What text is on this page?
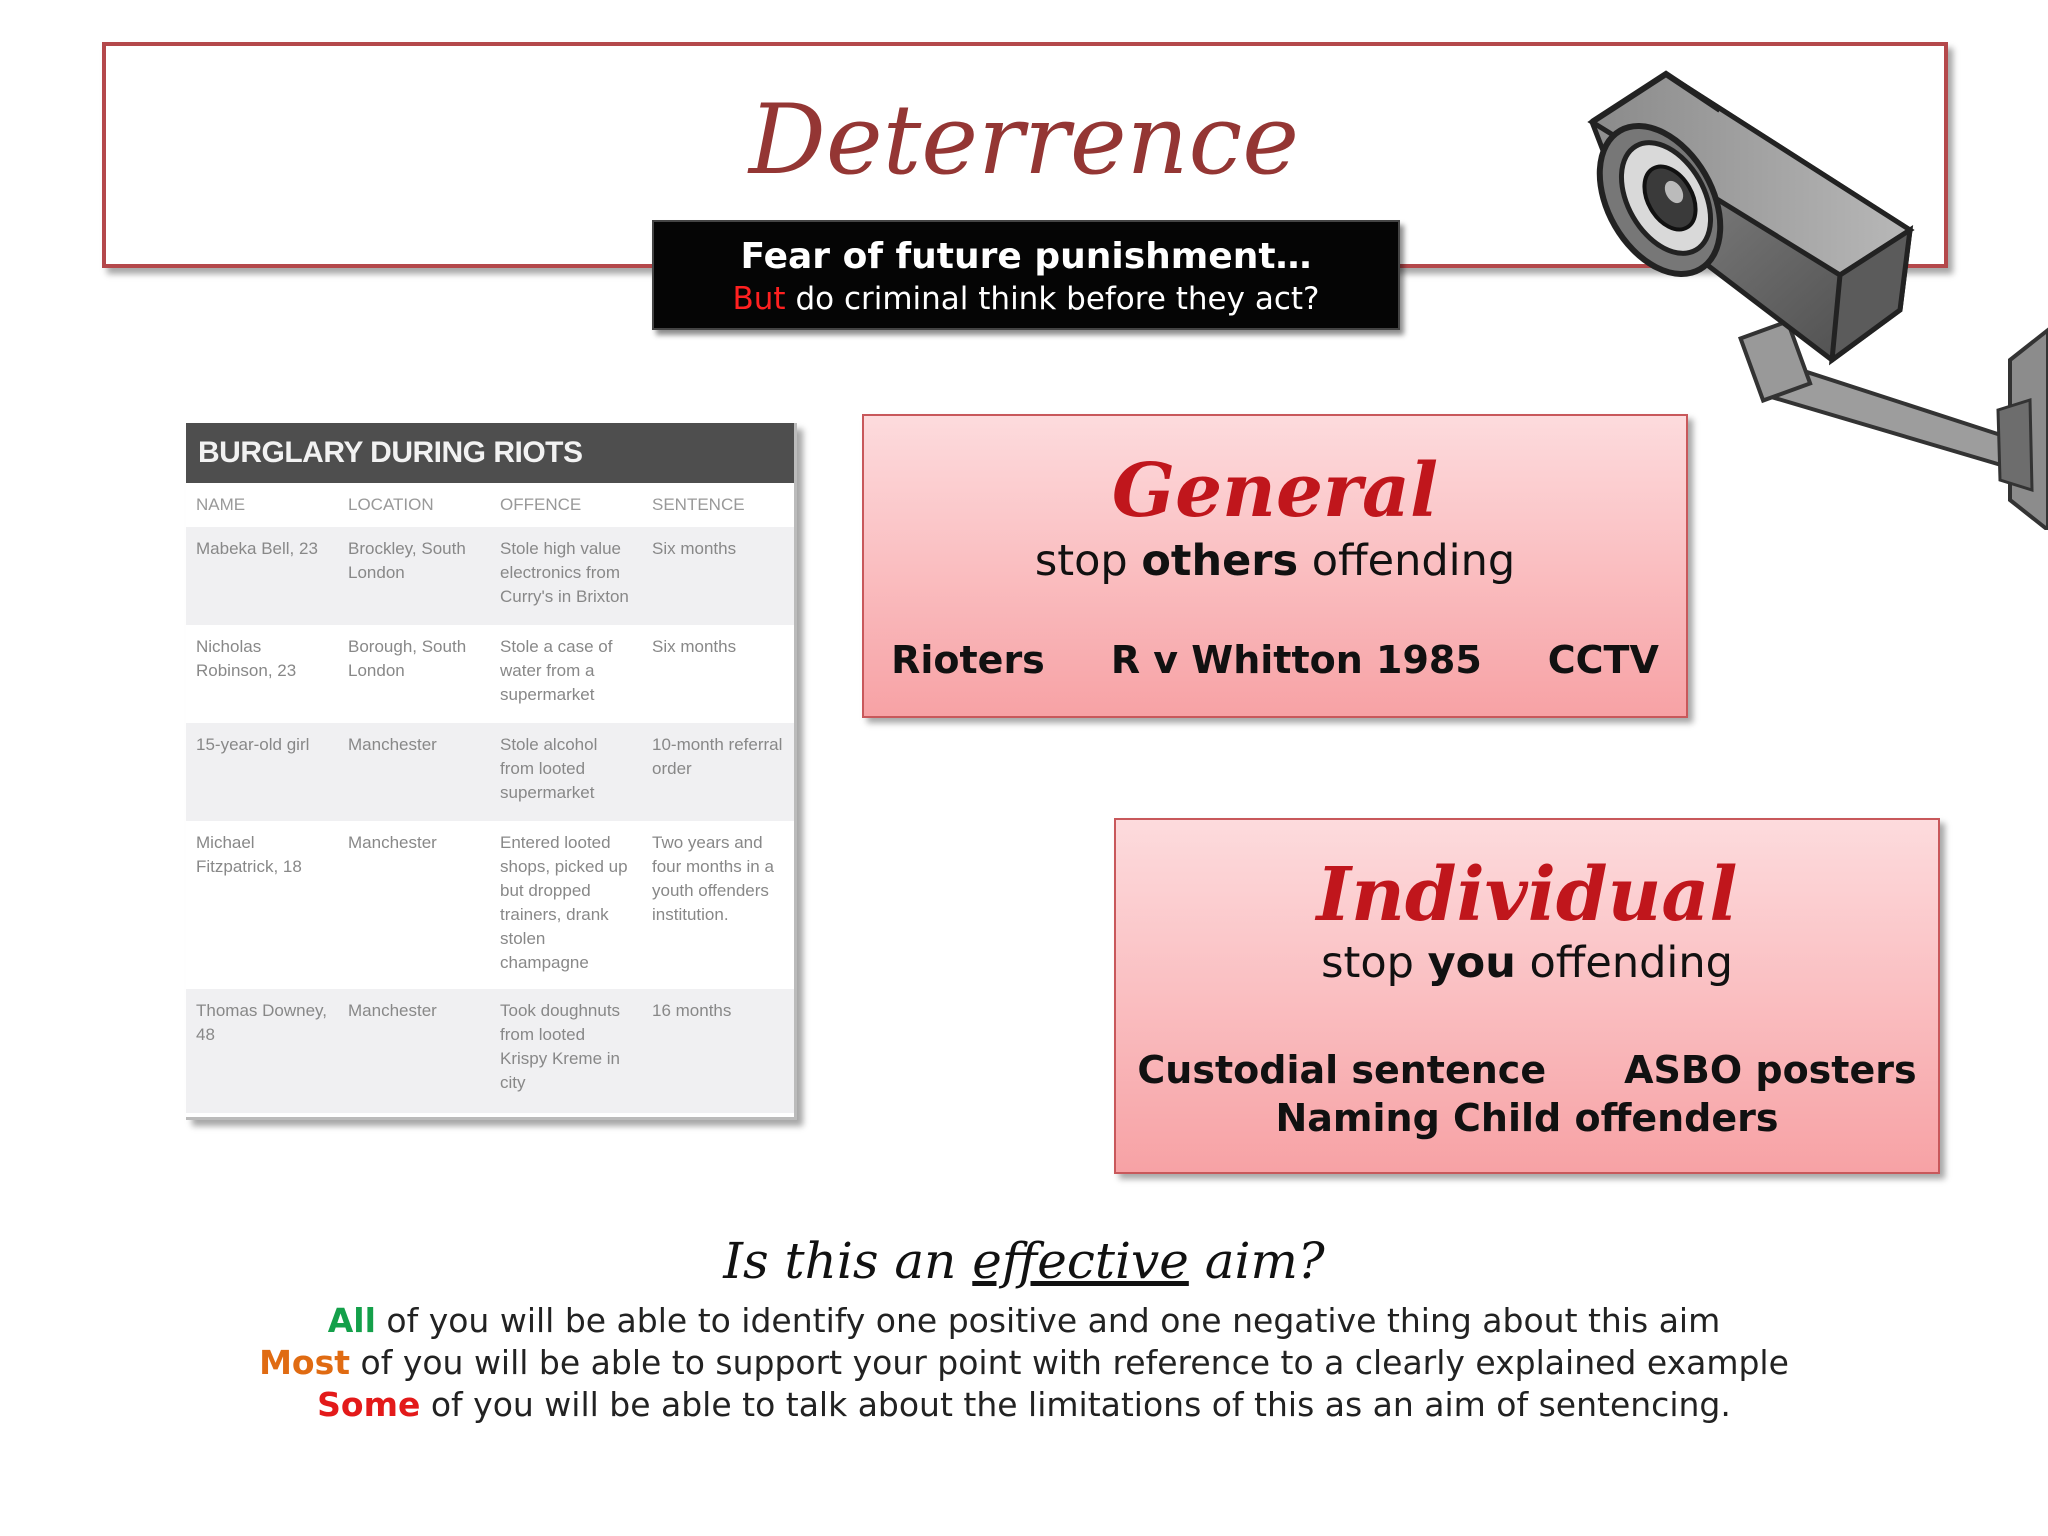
Deterrence
Fear of future punishment…
But do criminal think before they act?
BURGLARY DURING RIOTS
NAME	LOCATION	OFFENCE	SENTENCE
Mabeka Bell, 23	Brockley, South London	Stole high value electronics from Curry's in Brixton	Six months
Nicholas Robinson, 23	Borough, South London	Stole a case of water from a supermarket	Six months
15-year-old girl	Manchester	Stole alcohol from looted supermarket	10-month referral order
Michael Fitzpatrick, 18	Manchester	Entered looted shops, picked up but dropped trainers, drank stolen champagne	Two years and four months in a youth offenders institution.
Thomas Downey, 48	Manchester	Took doughnuts from looted Krispy Kreme in city	16 months
General
stop others offending
Rioters R v Whitton 1985 CCTV
Individual
stop you offending
Custodial sentence ASBO posters
Naming Child offenders
Is this an effective aim?
All of you will be able to identify one positive and one negative thing about this aim
Most of you will be able to support your point with reference to a clearly explained example
Some of you will be able to talk about the limitations of this as an aim of sentencing.
